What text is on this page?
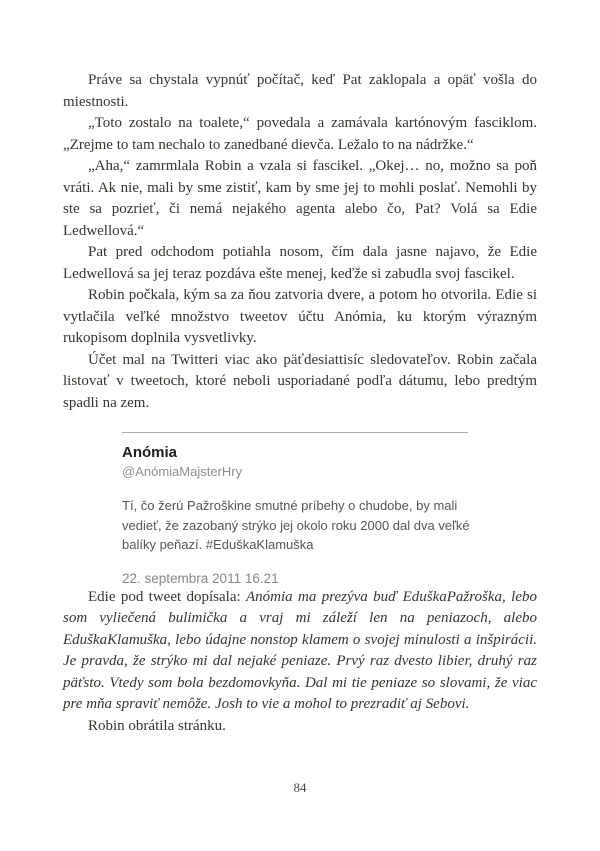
Práve sa chystala vypnúť počítač, keď Pat zaklopala a opäť vošla do miestnosti.

„Toto zostalo na toalete,“ povedala a zamávala kartónovým fasciklom. „Zrejme to tam nechalo to zanedbané dievča. Ležalo to na nádržke.“

„Aha,“ zamrmlala Robin a vzala si fascikel. „Okej… no, možno sa poň vráti. Ak nie, mali by sme zistiť, kam by sme jej to mohli poslať. Nemohli by ste sa pozrieť, či nemá nejakého agenta alebo čo, Pat? Volá sa Edie Ledwellová.“

Pat pred odchodom potiahla nosom, čím dala jasne najavo, že Edie Ledwellová sa jej teraz pozdáva ešte menej, keďže si zabudla svoj fascikel.

Robin počkala, kým sa za ňou zatvoria dvere, a potom ho otvorila. Edie si vytlačila veľké množstvo tweetov účtu Anómia, ku ktorým výrazným rukopisom doplnila vysvetlivky.

Účet mal na Twitteri viac ako päťdesiattisíc sledovateľov. Robin začala listovať v tweetoch, ktoré neboli usporiadané podľa dátumu, lebo predtým spadli na zem.

Anómia
@AnómiaMajsterHry
Tí, čo žerú Pažroškine smutné príbehy o chudobe, by mali
vedieť, že zazobaný strýko jej okolo roku 2000 dal dva veľké
balíky peňazí. #EduškaKlamuška
22. septembra 2011 16.21

Edie pod tweet dopísala: Anómia ma prezýva buď EduškaPažroška, lebo som vyliečená bulimička a vraj mi záleží len na peniazoch, alebo EduškaKlamuška, lebo údajne nonstop klamem o svojej minulosti a inšpirácii. Je pravda, že strýko mi dal nejaké peniaze. Prvý raz dvesto libier, druhý raz päťsto. Vtedy som bola bezdomovkyňa. Dal mi tie peniaze so slovami, že viac pre mňa spraviť nemôže. Josh to vie a mohol to prezradiť aj Sebovi.

Robin obrátila stránku.

84
